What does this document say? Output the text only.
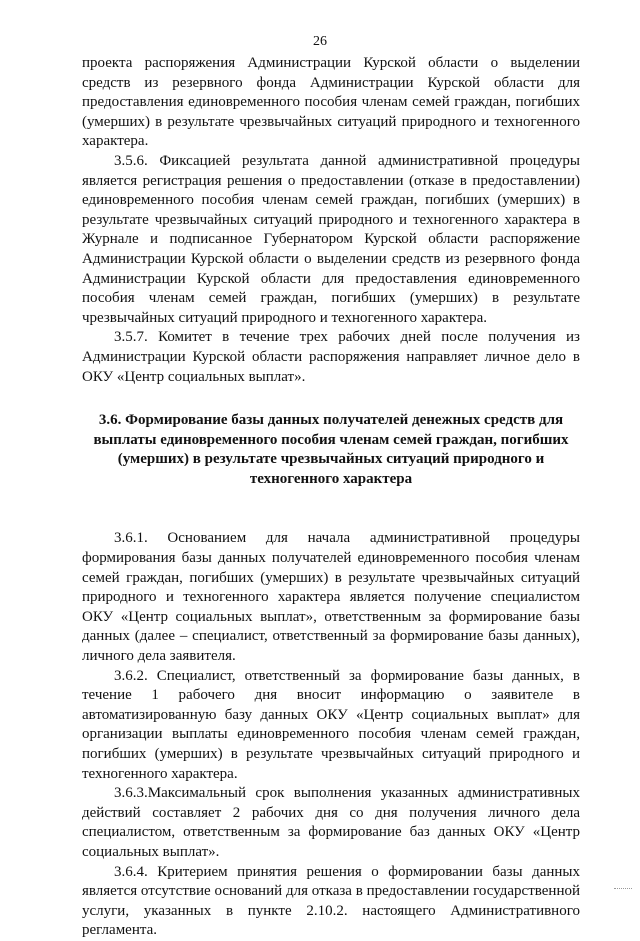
26

проекта распоряжения Администрации Курской области о выделении средств из резервного фонда Администрации Курской области для предоставления единовременного пособия членам семей граждан, погибших (умерших) в результате чрезвычайных ситуаций природного и техногенного характера.

3.5.6. Фиксацией результата данной административной процедуры является регистрация решения о предоставлении (отказе в предоставлении) единовременного пособия членам семей граждан, погибших (умерших) в результате чрезвычайных ситуаций природного и техногенного характера в Журнале и подписанное Губернатором Курской области распоряжение Администрации Курской области о выделении средств из резервного фонда Администрации Курской области для предоставления единовременного пособия членам семей граждан, погибших (умерших) в результате чрезвычайных ситуаций природного и техногенного характера.

3.5.7. Комитет в течение трех рабочих дней после получения из Администрации Курской области распоряжения направляет личное дело в ОКУ «Центр социальных выплат».

3.6. Формирование базы данных получателей денежных средств для выплаты единовременного пособия членам семей граждан, погибших (умерших) в результате чрезвычайных ситуаций природного и техногенного характера

3.6.1. Основанием для начала административной процедуры формирования базы данных получателей единовременного пособия членам семей граждан, погибших (умерших) в результате чрезвычайных ситуаций природного и техногенного характера является получение специалистом ОКУ «Центр социальных выплат», ответственным за формирование базы данных (далее – специалист, ответственный за формирование базы данных), личного дела заявителя.

3.6.2. Специалист, ответственный за формирование базы данных, в течение 1 рабочего дня вносит информацию о заявителе в автоматизированную базу данных ОКУ «Центр социальных выплат» для организации выплаты единовременного пособия членам семей граждан, погибших (умерших) в результате чрезвычайных ситуаций природного и техногенного характера.

3.6.3.Максимальный срок выполнения указанных административных действий составляет 2 рабочих дня со дня получения личного дела специалистом, ответственным за формирование баз данных ОКУ «Центр социальных выплат».

3.6.4. Критерием принятия решения о формировании базы данных является отсутствие оснований для отказа в предоставлении государственной услуги, указанных в пункте 2.10.2. настоящего Административного регламента.
